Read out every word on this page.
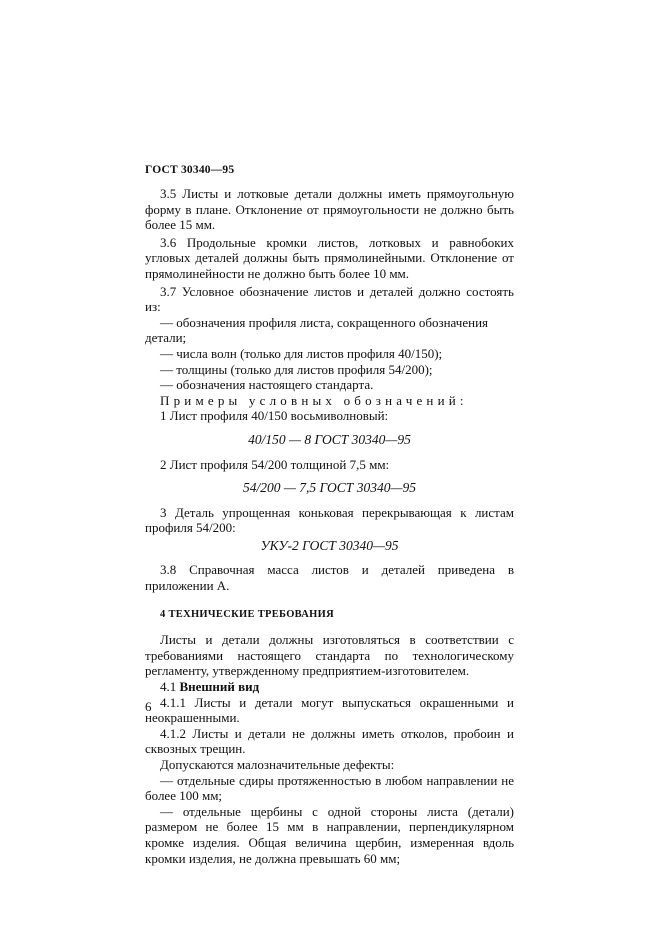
ГОСТ 30340—95

3.5 Листы и лотковые детали должны иметь прямоугольную форму в плане. Отклонение от прямоугольности не должно быть более 15 мм.

3.6 Продольные кромки листов, лотковых и равнобоких угловых деталей должны быть прямолинейными. Отклонение от прямолинейности не должно быть более 10 мм.

3.7 Условное обозначение листов и деталей должно состоять из:

— обозначения профиля листа, сокращенного обозначения детали;

— числа волн (только для листов профиля 40/150);

— толщины (только для листов профиля 54/200);

— обозначения настоящего стандарта.

Примеры условных обозначений:

1 Лист профиля 40/150 восьмиволновый:

40/150 — 8 ГОСТ 30340—95

2 Лист профиля 54/200 толщиной 7,5 мм:

54/200 — 7,5 ГОСТ 30340—95

3 Деталь упрощенная коньковая перекрывающая к листам профиля 54/200:

УКУ-2 ГОСТ 30340—95

3.8 Справочная масса листов и деталей приведена в приложении А.

4 ТЕХНИЧЕСКИЕ ТРЕБОВАНИЯ

Листы и детали должны изготовляться в соответствии с требованиями настоящего стандарта по технологическому регламенту, утвержденному предприятием-изготовителем.

4.1 Внешний вид

4.1.1 Листы и детали могут выпускаться окрашенными и неокрашенными.

4.1.2 Листы и детали не должны иметь отколов, пробоин и сквозных трещин.

Допускаются малозначительные дефекты:

— отдельные сдиры протяженностью в любом направлении не более 100 мм;

— отдельные щербины с одной стороны листа (детали) размером не более 15 мм в направлении, перпендикулярном кромке изделия. Общая величина щербин, измеренная вдоль кромки изделия, не должна превышать 60 мм;

6
